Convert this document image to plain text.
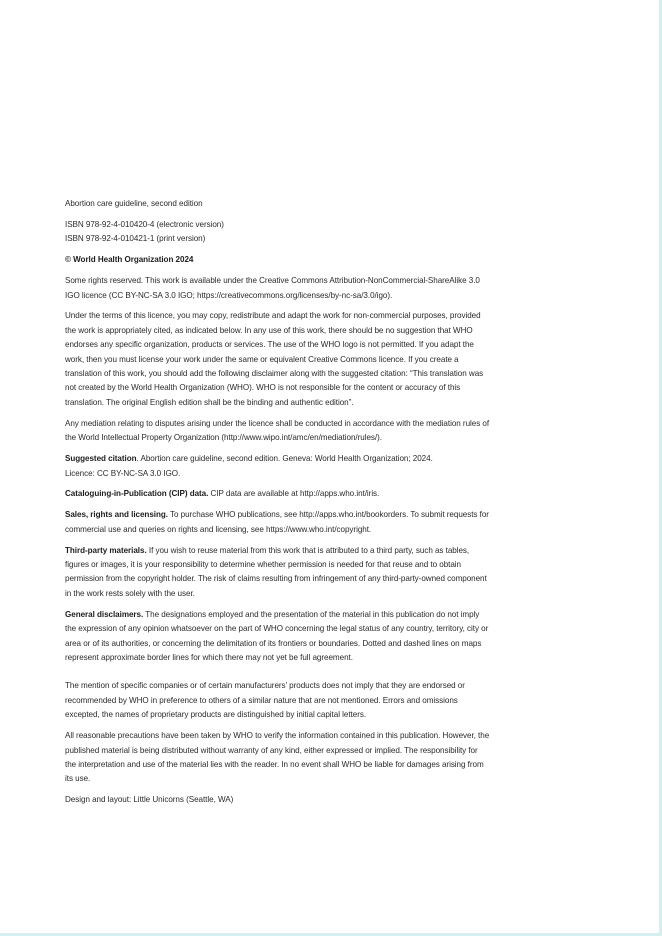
Abortion care guideline, second edition

ISBN 978-92-4-010420-4 (electronic version)
ISBN 978-92-4-010421-1 (print version)

© World Health Organization 2024

Some rights reserved. This work is available under the Creative Commons Attribution-NonCommercial-ShareAlike 3.0 IGO licence (CC BY-NC-SA 3.0 IGO; https://creativecommons.org/licenses/by-nc-sa/3.0/igo).

Under the terms of this licence, you may copy, redistribute and adapt the work for non-commercial purposes, provided the work is appropriately cited, as indicated below. In any use of this work, there should be no suggestion that WHO endorses any specific organization, products or services. The use of the WHO logo is not permitted. If you adapt the work, then you must license your work under the same or equivalent Creative Commons licence. If you create a translation of this work, you should add the following disclaimer along with the suggested citation: “This translation was not created by the World Health Organization (WHO). WHO is not responsible for the content or accuracy of this translation. The original English edition shall be the binding and authentic edition”.

Any mediation relating to disputes arising under the licence shall be conducted in accordance with the mediation rules of the World Intellectual Property Organization (http://www.wipo.int/amc/en/mediation/rules/).

Suggested citation. Abortion care guideline, second edition. Geneva: World Health Organization; 2024.
Licence: CC BY-NC-SA 3.0 IGO.

Cataloguing-in-Publication (CIP) data. CIP data are available at http://apps.who.int/iris.

Sales, rights and licensing. To purchase WHO publications, see http://apps.who.int/bookorders. To submit requests for commercial use and queries on rights and licensing, see https://www.who.int/copyright.

Third-party materials. If you wish to reuse material from this work that is attributed to a third party, such as tables, figures or images, it is your responsibility to determine whether permission is needed for that reuse and to obtain permission from the copyright holder. The risk of claims resulting from infringement of any third-party-owned component in the work rests solely with the user.

General disclaimers. The designations employed and the presentation of the material in this publication do not imply the expression of any opinion whatsoever on the part of WHO concerning the legal status of any country, territory, city or area or of its authorities, or concerning the delimitation of its frontiers or boundaries. Dotted and dashed lines on maps represent approximate border lines for which there may not yet be full agreement.

The mention of specific companies or of certain manufacturers’ products does not imply that they are endorsed or recommended by WHO in preference to others of a similar nature that are not mentioned. Errors and omissions excepted, the names of proprietary products are distinguished by initial capital letters.

All reasonable precautions have been taken by WHO to verify the information contained in this publication. However, the published material is being distributed without warranty of any kind, either expressed or implied. The responsibility for the interpretation and use of the material lies with the reader. In no event shall WHO be liable for damages arising from its use.

Design and layout: Little Unicorns (Seattle, WA)
